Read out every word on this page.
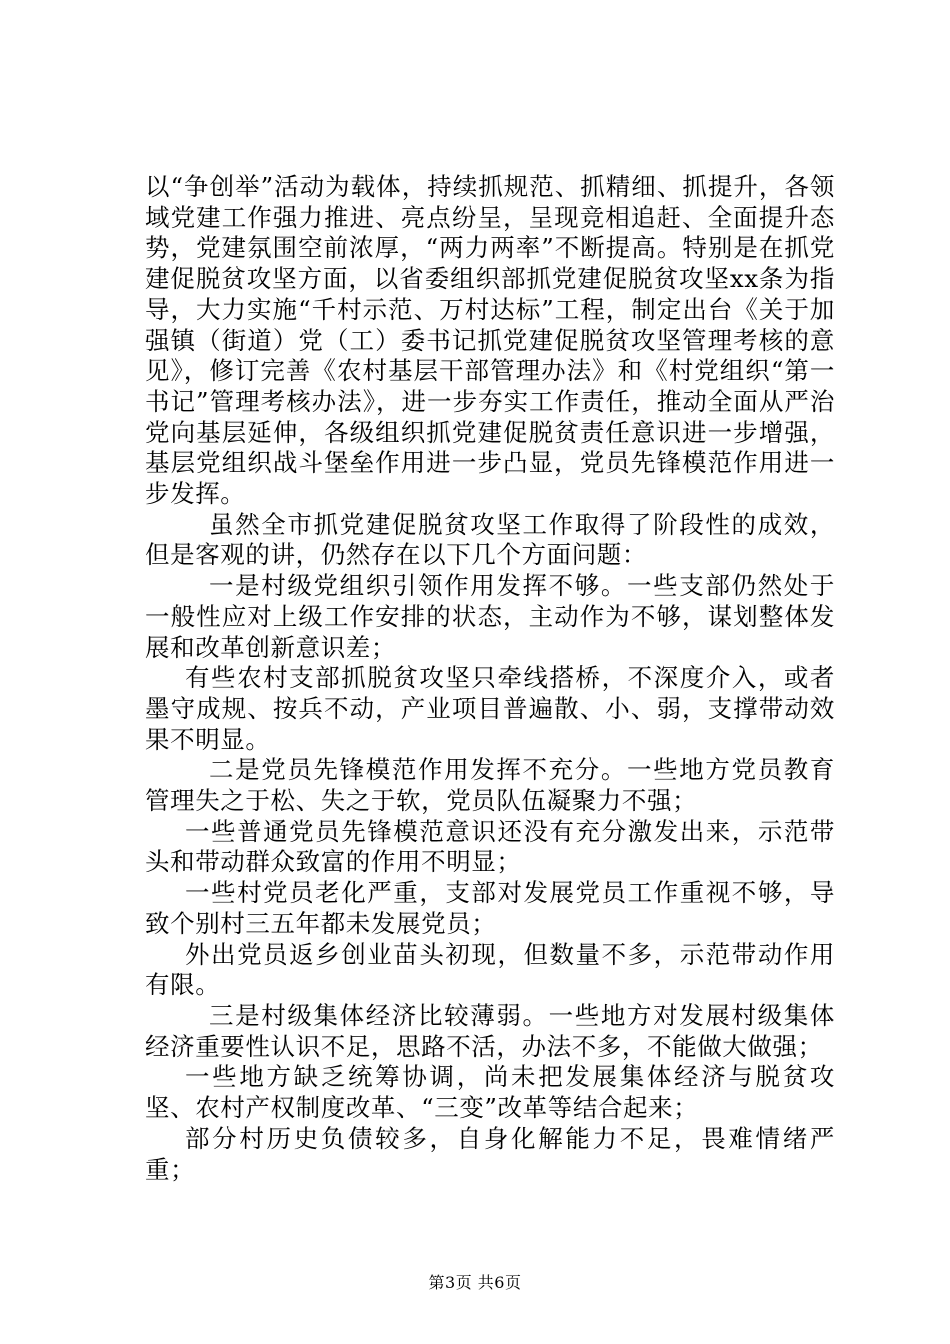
以“争创举”活动为载体，持续抓规范、抓精细、抓提升，各领域党建工作强力推进、亮点纷呈，呈现竞相追赶、全面提升态势，党建氛围空前浓厚，“两力两率”不断提高。特别是在抓党建促脱贫攻坚方面，以省委组织部抓党建促脱贫攻坚xx条为指导，大力实施“千村示范、万村达标”工程，制定出台《关于加强镇（街道）党（工）委书记抓党建促脱贫攻坚管理考核的意见》，修订完善《农村基层干部管理办法》和《村党组织“第一书记”管理考核办法》，进一步夯实工作责任，推动全面从严治党向基层延伸，各级组织抓党建促脱贫责任意识进一步增强，基层党组织战斗堡垒作用进一步凸显，党员先锋模范作用进一步发挥。

虽然全市抓党建促脱贫攻坚工作取得了阶段性的成效，但是客观的讲，仍然存在以下几个方面问题：

一是村级党组织引领作用发挥不够。一些支部仍然处于一般性应对上级工作安排的状态，主动作为不够，谋划整体发展和改革创新意识差；

有些农村支部抓脱贫攻坚只牵线搭桥，不深度介入，或者墨守成规、按兵不动，产业项目普遍散、小、弱，支撑带动效果不明显。

二是党员先锋模范作用发挥不充分。一些地方党员教育管理失之于松、失之于软，党员队伍凝聚力不强；

一些普通党员先锋模范意识还没有充分激发出来，示范带头和带动群众致富的作用不明显；

一些村党员老化严重，支部对发展党员工作重视不够，导致个别村三五年都未发展党员；

外出党员返乡创业苗头初现，但数量不多，示范带动作用有限。

三是村级集体经济比较薄弱。一些地方对发展村级集体经济重要性认识不足，思路不活，办法不多，不能做大做强；

一些地方缺乏统筹协调，尚未把发展集体经济与脱贫攻坚、农村产权制度改革、“三变”改革等结合起来；

部分村历史负债较多，自身化解能力不足，畏难情绪严重；

第3页 共6页
